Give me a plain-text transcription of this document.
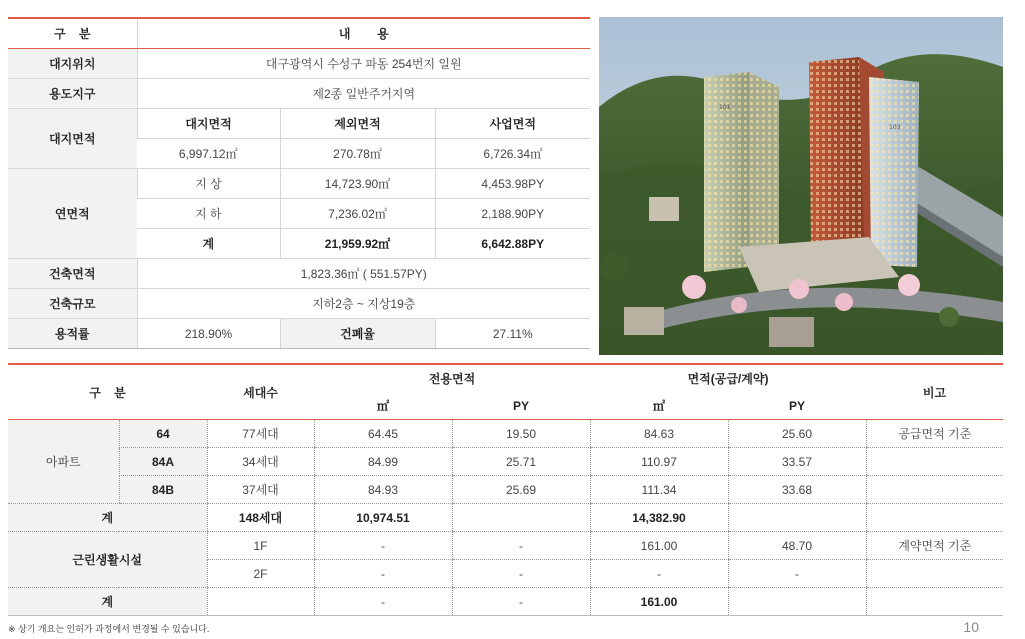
구    분	내        용		
대지위치	대구광역시 수성구 파동 254번지 일원		
용도지구	제2종 일반주거지역		
대지면적	대지면적	제외면적	사업면적
	6,997.12㎡	270.78㎡	6,726.34㎡
연면적	지 상	14,723.90㎡	4,453.98PY
	지 하	7,236.02㎡	2,188.90PY
	계	21,959.92㎡	6,642.88PY
건축면적	1,823.36㎡ ( 551.57PY)		
건축규모	지하2층 ~ 지상19층		
용적률	218.90%	건폐율	27.11%
101
103
구    분		세대수	전용면적		면적(공급/계약)		비고
			㎡	PY	㎡	PY	
아파트	64	77세대	64.45	19.50	84.63	25.60	공급면적 기준
	84A	34세대	84.99	25.71	110.97	33.57	
	84B	37세대	84.93	25.69	111.34	33.68	
계		148세대	10,974.51		14,382.90		
근린생활시설		1F	-	-	161.00	48.70	계약면적 기준
		2F	-	-	-	-	
계			-	-	161.00		
※ 상기 개요는 인허가 과정에서 변경될 수 있습니다.	10
